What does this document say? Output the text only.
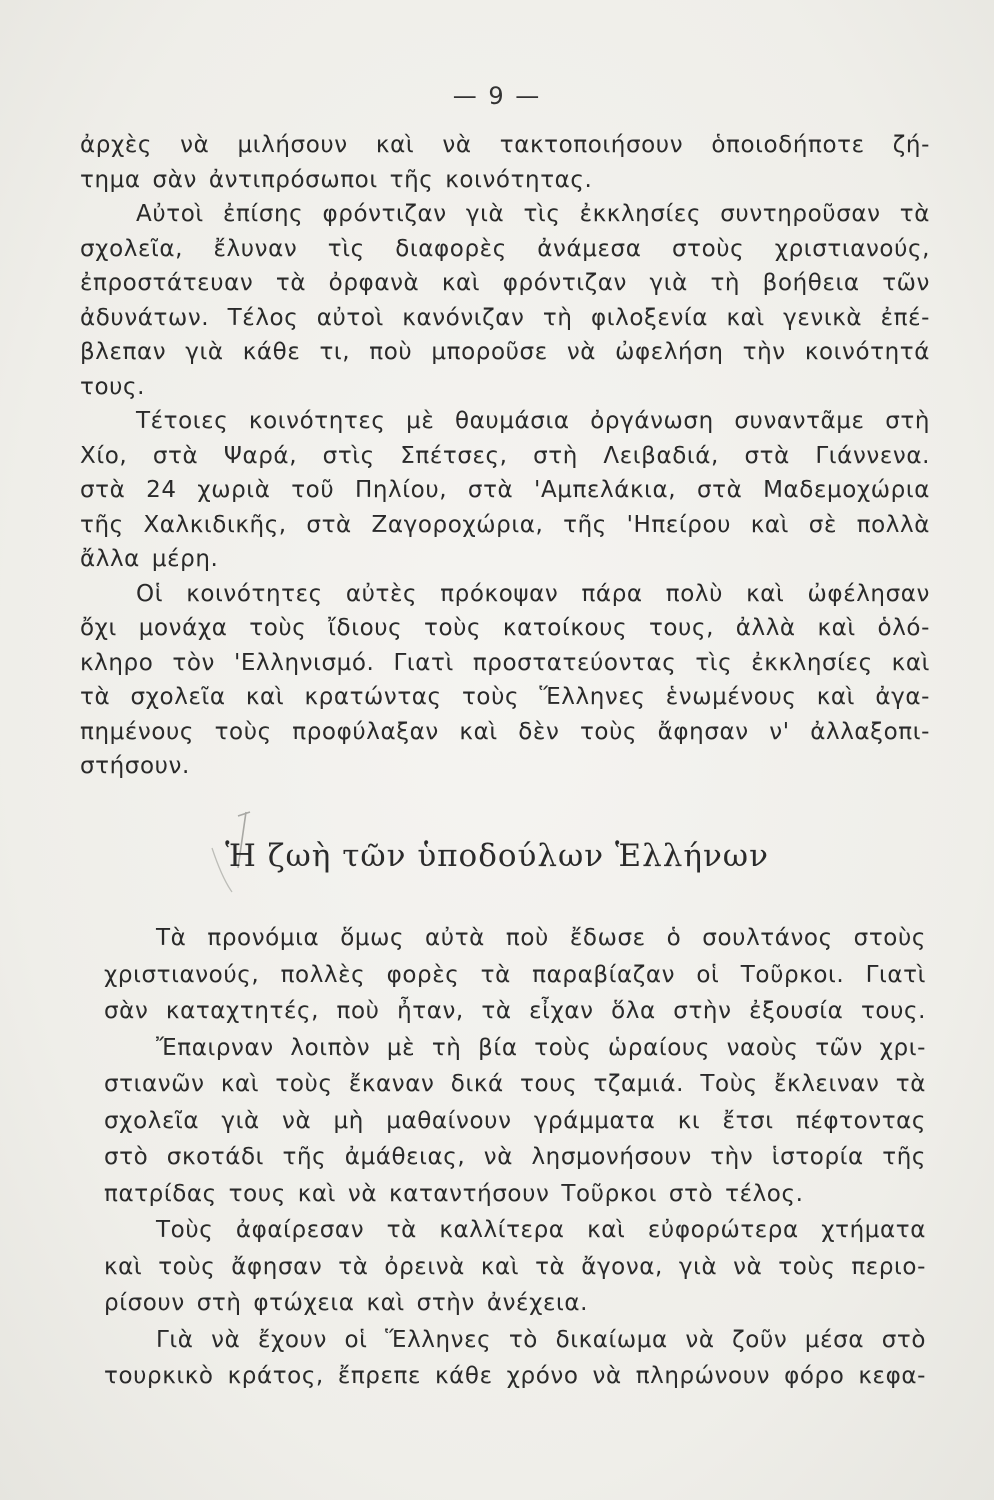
— 9 —
ἀρχὲς νὰ μιλήσουν καὶ νὰ τακτοποιήσουν ὁποιοδήποτε ζή-
τημα σὰν ἀντιπρόσωποι τῆς κοινότητας.
Αὐτοὶ ἐπίσης φρόντιζαν γιὰ τὶς ἐκκλησίες συντηροῦσαν τὰ
σχολεῖα, ἔλυναν τὶς διαφορὲς ἀνάμεσα στοὺς χριστιανούς,
ἐπροστάτευαν τὰ ὀρφανὰ καὶ φρόντιζαν γιὰ τὴ βοήθεια τῶν
ἀδυνάτων. Τέλος αὐτοὶ κανόνιζαν τὴ φιλοξενία καὶ γενικὰ ἐπέ-
βλεπαν γιὰ κάθε τι, ποὺ μποροῦσε νὰ ὠφελήση τὴν κοινότητά
τους.
Τέτοιες κοινότητες μὲ θαυμάσια ὀργάνωση συναντᾶμε στὴ
Χίο, στὰ Ψαρά, στὶς Σπέτσες, στὴ Λειβαδιά, στὰ Γιάννενα.
στὰ 24 χωριὰ τοῦ Πηλίου, στὰ 'Αμπελάκια, στὰ Μαδεμοχώρια
τῆς Χαλκιδικῆς, στὰ Ζαγοροχώρια, τῆς 'Ηπείρου καὶ σὲ πολλὰ
ἄλλα μέρη.
Οἱ κοινότητες αὐτὲς πρόκοψαν πάρα πολὺ καὶ ὠφέλησαν
ὄχι μονάχα τοὺς ἴδιους τοὺς κατοίκους τους, ἀλλὰ καὶ ὁλό-
κληρο τὸν 'Ελληνισμό. Γιατὶ προστατεύοντας τὶς ἐκκλησίες καὶ
τὰ σχολεῖα καὶ κρατώντας τοὺς Ἕλληνες ἑνωμένους καὶ ἀγα-
πημένους τοὺς προφύλαξαν καὶ δὲν τοὺς ἄφησαν ν' ἀλλαξοπι-
στήσουν.
Ἡ ζωὴ τῶν ὑποδούλων Ἑλλήνων
Τὰ προνόμια ὅμως αὐτὰ ποὺ ἔδωσε ὁ σουλτάνος στοὺς
χριστιανούς, πολλὲς φορὲς τὰ παραβίαζαν οἱ Τοῦρκοι. Γιατὶ
σὰν καταχτητές, ποὺ ἦταν, τὰ εἶχαν ὅλα στὴν ἐξουσία τους.
Ἔπαιρναν λοιπὸν μὲ τὴ βία τοὺς ὡραίους ναοὺς τῶν χρι-
στιανῶν καὶ τοὺς ἔκαναν δικά τους τζαμιά. Τοὺς ἔκλειναν τὰ
σχολεῖα γιὰ νὰ μὴ μαθαίνουν γράμματα κι ἔτσι πέφτοντας
στὸ σκοτάδι τῆς ἀμάθειας, νὰ λησμονήσουν τὴν ἱστορία τῆς
πατρίδας τους καὶ νὰ καταντήσουν Τοῦρκοι στὸ τέλος.
Τοὺς ἀφαίρεσαν τὰ καλλίτερα καὶ εὐφορώτερα χτήματα
καὶ τοὺς ἄφησαν τὰ ὀρεινὰ καὶ τὰ ἄγονα, γιὰ νὰ τοὺς περιο-
ρίσουν στὴ φτώχεια καὶ στὴν ἀνέχεια.
Γιὰ νὰ ἔχουν οἱ Ἕλληνες τὸ δικαίωμα νὰ ζοῦν μέσα στὸ
τουρκικὸ κράτος, ἔπρεπε κάθε χρόνο νὰ πληρώνουν φόρο κεφα-
